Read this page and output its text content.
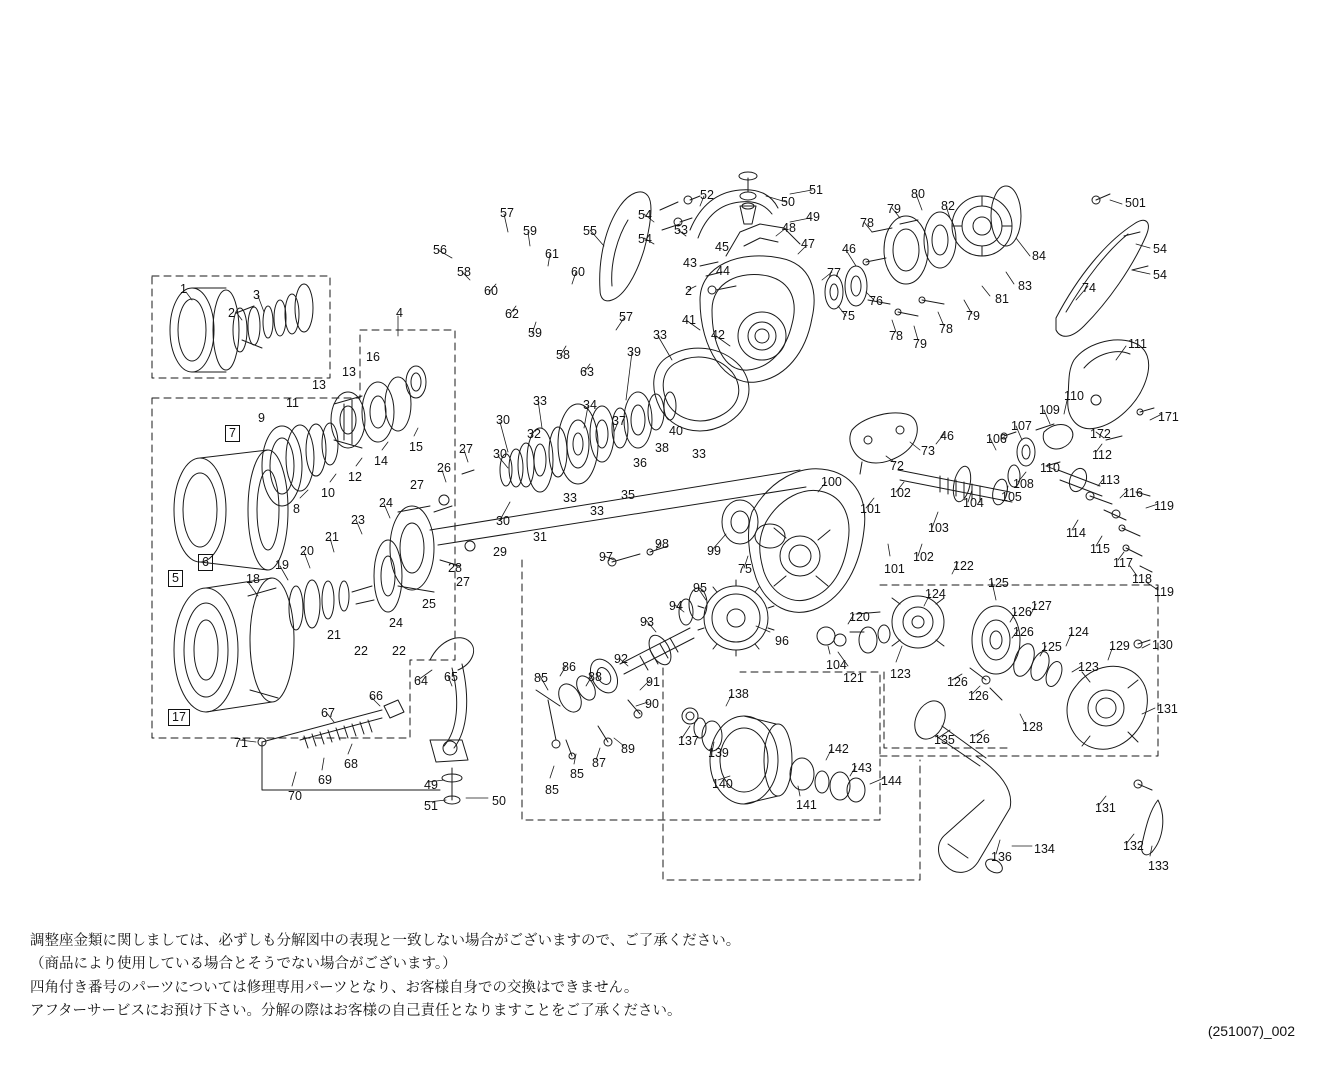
1
2
3
4
5
6
7
8
9
10
11
12
13
13
14
15
16
17
18
19
20
21
21
22 22
23
24
24
25
26
27
27
27
28
29
30
30
30
31
32
33
33
33
33
33
34
35
36
37
38
39
40
41
42
43
44
45	46
46
47
48
49
49
50
50
51
51
52
53
54
54
54
54
55
56
57
57
58
58
59
59
60
60
61
62
63
64 65
66
67
68
69
70
71
72
73
74
75
75
76
77
78
78	78
79
79
79
80
81
82
83
84
85
85
85
86
87
88
89
90
91
92
93
94
95
96
97
98	99
100
101
101
102
102
103
104
104
105
106
107
108
109
110
110
111
112
113
114
115
116
117
118
119
119
120
121
122
123	123
124
124
125
125
126
126
126
126
126
127
128
129 130
131
131
132
133
134
135
136
137
138
139
140
141
142
143
144
171
172
501
2
調整座金類に関しましては、必ずしも分解図中の表現と一致しない場合がございますので、ご了承ください。
（商品により使用している場合とそうでない場合がございます。）
四角付き番号のパーツについては修理専用パーツとなり、お客様自身での交換はできません。
アフターサービスにお預け下さい。分解の際はお客様の自己責任となりますことをご了承ください。
(251007)_002
